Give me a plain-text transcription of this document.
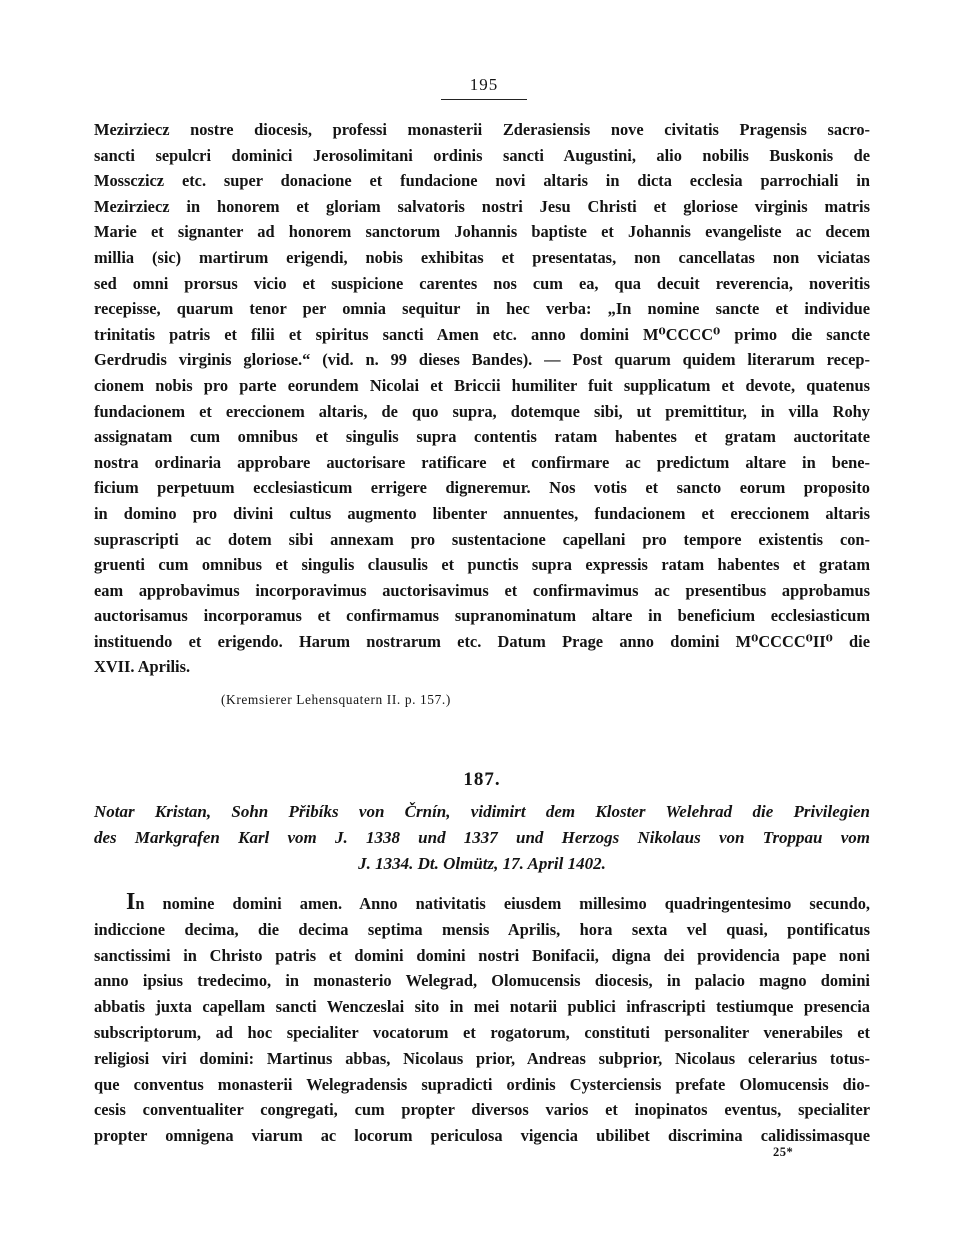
195
Mezirziecz nostre diocesis, professi monasterii Zderasiensis nove civitatis Pragensis sacro-
sancti sepulcri dominici Jerosolimitani ordinis sancti Augustini, alio nobilis Buskonis de
Mossczicz etc. super donacione et fundacione novi altaris in dicta ecclesia parrochiali in
Mezirziecz in honorem et gloriam salvatoris nostri Jesu Christi et gloriose virginis matris
Marie et signanter ad honorem sanctorum Johannis baptiste et Johannis evangeliste ac decem
millia (sic) martirum erigendi, nobis exhibitas et presentatas, non cancellatas non viciatas
sed omni prorsus vicio et suspicione carentes nos cum ea, qua decuit reverencia, noveritis
recepisse, quarum tenor per omnia sequitur in hec verba: „In nomine sancte et individue
trinitatis patris et filii et spiritus sancti Amen etc. anno domini M⁰CCCC⁰ primo die sancte
Gerdrudis virginis gloriose.“ (vid. n. 99 dieses Bandes). — Post quarum quidem literarum recep-
cionem nobis pro parte eorundem Nicolai et Briccii humiliter fuit supplicatum et devote, quatenus
fundacionem et ereccionem altaris, de quo supra, dotemque sibi, ut premittitur, in villa Rohy
assignatam cum omnibus et singulis supra contentis ratam habentes et gratam auctoritate
nostra ordinaria approbare auctorisare ratificare et confirmare ac predictum altare in bene-
ficium perpetuum ecclesiasticum errigere digneremur. Nos votis et sancto eorum proposito
in domino pro divini cultus augmento libenter annuentes, fundacionem et ereccionem altaris
suprascripti ac dotem sibi annexam pro sustentacione capellani pro tempore existentis con-
gruenti cum omnibus et singulis clausulis et punctis supra expressis ratam habentes et gratam
eam approbavimus incorporavimus auctorisavimus et confirmavimus ac presentibus approbamus
auctorisamus incorporamus et confirmamus supranominatum altare in beneficium ecclesiasticum
instituendo et erigendo. Harum nostrarum etc. Datum Prage anno domini M⁰CCCC⁰II⁰ die
XVII. Aprilis.
(Kremsierer Lehensquatern II. p. 157.)
187.
Notar Kristan, Sohn Přibíks von Črnín, vidimirt dem Kloster Welehrad die Privilegien
des Markgrafen Karl vom J. 1338 und 1337 und Herzogs Nikolaus von Troppau vom
J. 1334. Dt. Olmütz, 17. April 1402.
In nomine domini amen. Anno nativitatis eiusdem millesimo quadringentesimo secundo,
indiccione decima, die decima septima mensis Aprilis, hora sexta vel quasi, pontificatus
sanctissimi in Christo patris et domini domini nostri Bonifacii, digna dei providencia pape noni
anno ipsius tredecimo, in monasterio Welegrad, Olomucensis diocesis, in palacio magno domini
abbatis juxta capellam sancti Wenczeslai sito in mei notarii publici infrascripti testiumque presencia
subscriptorum, ad hoc specialiter vocatorum et rogatorum, constituti personaliter venerabiles et
religiosi viri domini: Martinus abbas, Nicolaus prior, Andreas subprior, Nicolaus celerarius totus-
que conventus monasterii Welegradensis supradicti ordinis Cysterciensis prefate Olomucensis dio-
cesis conventualiter congregati, cum propter diversos varios et inopinatos eventus, specialiter
propter omnigena viarum ac locorum periculosa vigencia ubilibet discrimina calidissimasque
25*
